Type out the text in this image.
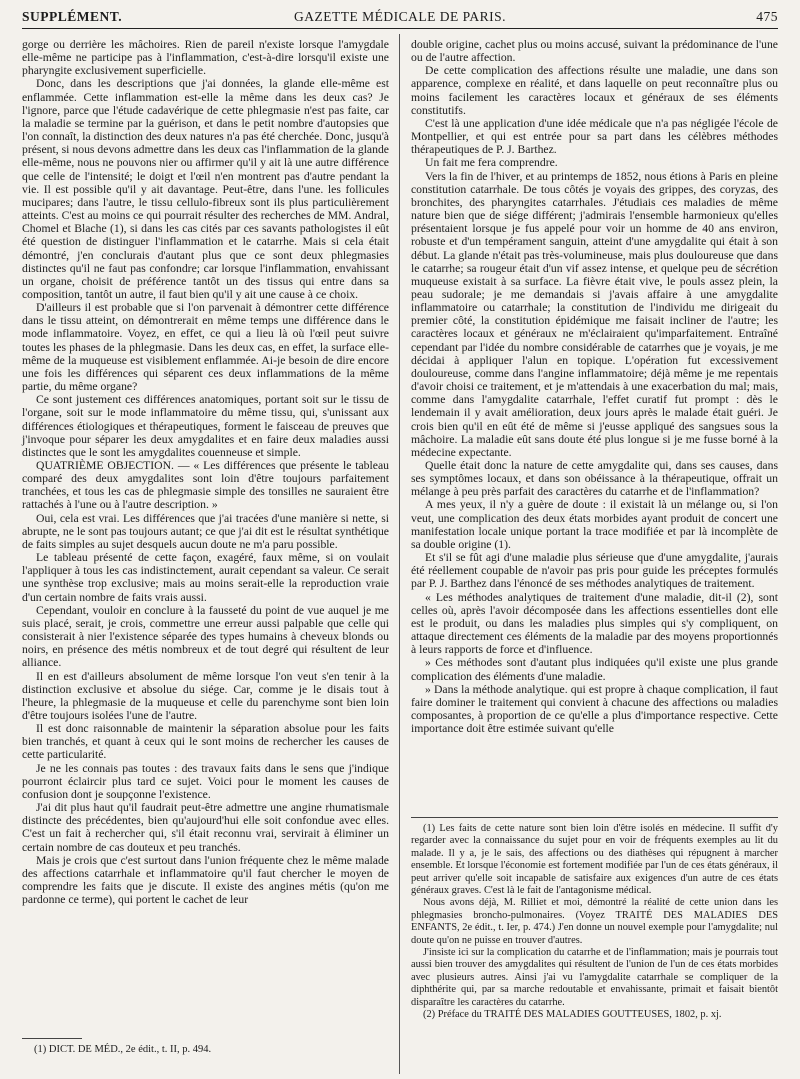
GAZETTE MÉDICALE DE PARIS.
SUPPLÉMENT.	475

gorge ou derrière les mâchoires. Rien de pareil n'existe lorsque l'amygdale elle-même ne participe pas à l'inflammation, c'est-à-dire lorsqu'il existe une pharyngite exclusivement superficielle.

Donc, dans les descriptions que j'ai données, la glande elle-même est enflammée. Cette inflammation est-elle la même dans les deux cas? Je l'ignore, parce que l'étude cadavérique de cette phlegmasie n'est pas faite, car la maladie se termine par la guérison, et dans le petit nombre d'autopsies que l'on connaît, la distinction des deux natures n'a pas été cherchée. Donc, jusqu'à présent, si nous devons admettre dans les deux cas l'inflammation de la glande elle-même, nous ne pouvons nier ou affirmer qu'il y ait là une autre différence que celle de l'intensité; le doigt et l'œil n'en montrent pas d'autre pendant la vie. Il est possible qu'il y ait davantage. Peut-être, dans l'une. les follicules mucipares; dans l'autre, le tissu cellulo-fibreux sont ils plus particulièrement atteints. C'est au moins ce qui pourrait résulter des recherches de MM. Andral, Chomel et Blache (1), si dans les cas cités par ces savants pathologistes il eût été question de distinguer l'inflammation et le catarrhe. Mais si cela était démontré, j'en conclurais d'autant plus que ce sont deux phlegmasies distinctes qu'il ne faut pas confondre; car lorsque l'inflammation, envahissant un organe, choisit de préférence tantôt un des tissus qui entre dans sa composition, tantôt un autre, il faut bien qu'il y ait une cause à ce choix.

D'ailleurs il est probable que si l'on parvenait à démontrer cette différence dans le tissu atteint, on démontrerait en même temps une différence dans le mode inflammatoire. Voyez, en effet, ce qui a lieu là où l'œil peut suivre toutes les phases de la phlegmasie. Dans les deux cas, en effet, la surface elle-même de la muqueuse est visiblement enflammée. Ai-je besoin de dire encore une fois les différences qui séparent ces deux inflammations de la même partie, du même organe?

Ce sont justement ces différences anatomiques, portant soit sur le tissu de l'organe, soit sur le mode inflammatoire du même tissu, qui, s'unissant aux différences étiologiques et thérapeutiques, forment le faisceau de preuves que j'invoque pour séparer les deux amygdalites et en faire deux maladies aussi distinctes que le sont les amygdalites couenneuse et simple.

QUATRIÈME OBJECTION. — « Les différences que présente le tableau comparé des deux amygdalites sont loin d'être toujours parfaitement tranchées, et tous les cas de phlegmasie simple des tonsilles ne sauraient être rattachés à l'une ou à l'autre description. »

Oui, cela est vrai. Les différences que j'ai tracées d'une manière si nette, si abrupte, ne le sont pas toujours autant; ce que j'ai dit est le résultat synthétique de faits simples au sujet desquels aucun doute ne m'a paru possible.

Le tableau présenté de cette façon, exagéré, faux même, si on voulait l'appliquer à tous les cas indistinctement, aurait cependant sa valeur. Ce serait une synthèse trop exclusive; mais au moins serait-elle la reproduction vraie d'un certain nombre de faits vrais aussi.

Cependant, vouloir en conclure à la fausseté du point de vue auquel je me suis placé, serait, je crois, commettre une erreur aussi palpable que celle qui consisterait à nier l'existence séparée des types humains à cheveux blonds ou noirs, en présence des métis nombreux et de tout degré qui résultent de leur alliance.

Il en est d'ailleurs absolument de même lorsque l'on veut s'en tenir à la distinction exclusive et absolue du siége. Car, comme je le disais tout à l'heure, la phlegmasie de la muqueuse et celle du parenchyme sont bien loin d'être toujours isolées l'une de l'autre.

Il est donc raisonnable de maintenir la séparation absolue pour les faits bien tranchés, et quant à ceux qui le sont moins de rechercher les causes de cette particularité.

Je ne les connais pas toutes : des travaux faits dans le sens que j'indique pourront éclaircir plus tard ce sujet. Voici pour le moment les causes de confusion dont je soupçonne l'existence.

J'ai dit plus haut qu'il faudrait peut-être admettre une angine rhumatismale distincte des précédentes, bien qu'aujourd'hui elle soit confondue avec elles. C'est un fait à rechercher qui, s'il était reconnu vrai, servirait à éliminer un certain nombre de cas douteux et peu tranchés.

Mais je crois que c'est surtout dans l'union fréquente chez le même malade des affections catarrhale et inflammatoire qu'il faut chercher le moyen de comprendre les faits que je discute. Il existe des angines métis (qu'on me pardonne ce terme), qui portent le cachet de leur

double origine, cachet plus ou moins accusé, suivant la prédominance de l'une ou de l'autre affection.

De cette complication des affections résulte une maladie, une dans son apparence, complexe en réalité, et dans laquelle on peut reconnaître plus ou moins facilement les caractères locaux et généraux de ses éléments constitutifs.

C'est là une application d'une idée médicale que n'a pas négligée l'école de Montpellier, et qui est entrée pour sa part dans les célèbres méthodes thérapeutiques de P. J. Barthez.

Un fait me fera comprendre.

Vers la fin de l'hiver, et au printemps de 1852, nous étions à Paris en pleine constitution catarrhale. De tous côtés je voyais des grippes, des coryzas, des bronchites, des pharyngites catarrhales. J'étudiais ces maladies de même nature bien que de siége différent; j'admirais l'ensemble harmonieux qu'elles présentaient lorsque je fus appelé pour voir un homme de 40 ans environ, robuste et d'un tempérament sanguin, atteint d'une amygdalite qui était à son début. La glande n'était pas très-volumineuse, mais plus douloureuse que dans le catarrhe; sa rougeur était d'un vif assez intense, et quelque peu de sécrétion muqueuse existait à sa surface. La fièvre était vive, le pouls assez plein, la peau sudorale; je me demandais si j'avais affaire à une amygdalite inflammatoire ou catarrhale; la constitution de l'individu me dirigeait du premier côté, la constitution épidémique me faisait incliner de l'autre; les caractères locaux et généraux ne m'éclairaient qu'imparfaitement. Entraîné cependant par l'idée du nombre considérable de catarrhes que je voyais, je me décidai à appliquer l'alun en topique. L'opération fut excessivement douloureuse, comme dans l'angine inflammatoire; déjà même je me repentais d'avoir choisi ce traitement, et je m'attendais à une exacerbation du mal; mais, comme dans l'amygdalite catarrhale, l'effet curatif fut prompt : dès le lendemain il y avait amélioration, deux jours après le malade était guéri. Je crois bien qu'il en eût été de même si j'eusse appliqué des sangsues sous la mâchoire. La maladie eût sans doute été plus longue si je me fusse borné à la médecine expectante.

Quelle était donc la nature de cette amygdalite qui, dans ses causes, dans ses symptômes locaux, et dans son obéissance à la thérapeutique, offrait un mélange à peu près parfait des caractères du catarrhe et de l'inflammation?

A mes yeux, il n'y a guère de doute : il existait là un mélange ou, si l'on veut, une complication des deux états morbides ayant produit de concert une manifestation locale unique portant la trace modifiée et par là incomplète de sa double origine (1).

Et s'il se fût agi d'une maladie plus sérieuse que d'une amygdalite, j'aurais été réellement coupable de n'avoir pas pris pour guide les préceptes formulés par P. J. Barthez dans l'énoncé de ses méthodes analytiques de traitement.

« Les méthodes analytiques de traitement d'une maladie, dit-il (2), sont celles où, après l'avoir décomposée dans les affections essentielles dont elle est le produit, ou dans les maladies plus simples qui s'y compliquent, on attaque directement ces éléments de la maladie par des moyens proportionnés à leurs rapports de force et d'influence.

» Ces méthodes sont d'autant plus indiquées qu'il existe une plus grande complication des éléments d'une maladie.

» Dans la méthode analytique. qui est propre à chaque complication, il faut faire dominer le traitement qui convient à chacune des affections ou maladies composantes, à proportion de ce qu'elle a plus d'importance respective. Cette importance doit être estimée suivant qu'elle

(1) Les faits de cette nature sont bien loin d'être isolés en médecine. Il suffit d'y regarder avec la connaissance du sujet pour en voir de fréquents exemples au lit du malade. Il y a, je le sais, des affections ou des diathèses qui répugnent à marcher ensemble. Et lorsque l'économie est fortement modifiée par l'un de ces états généraux, il peut arriver qu'elle soit incapable de satisfaire aux exigences d'un autre de ces états généraux graves. C'est là le fait de l'antagonisme médical.

Nous avons déjà, M. Rilliet et moi, démontré la réalité de cette union dans les phlegmasies broncho-pulmonaires. (Voyez TRAITÉ DES MALADIES DES ENFANTS, 2e édit., t. Ier, p. 474.) J'en donne un nouvel exemple pour l'amygdalite; nul doute qu'on ne puisse en trouver d'autres.

J'insiste ici sur la complication du catarrhe et de l'inflammation; mais je pourrais tout aussi bien trouver des amygdalites qui résultent de l'union de l'un de ces états morbides avec plusieurs autres. Ainsi j'ai vu l'amygdalite catarrhale se compliquer de la diphthérite qui, par sa marche redoutable et envahissante, primait et faisait bientôt disparaître les caractères du catarrhe.

(2) Préface du TRAITÉ DES MALADIES GOUTTEUSES, 1802, p. xj.

(1) DICT. DE MÉD., 2e édit., t. II, p. 494.
